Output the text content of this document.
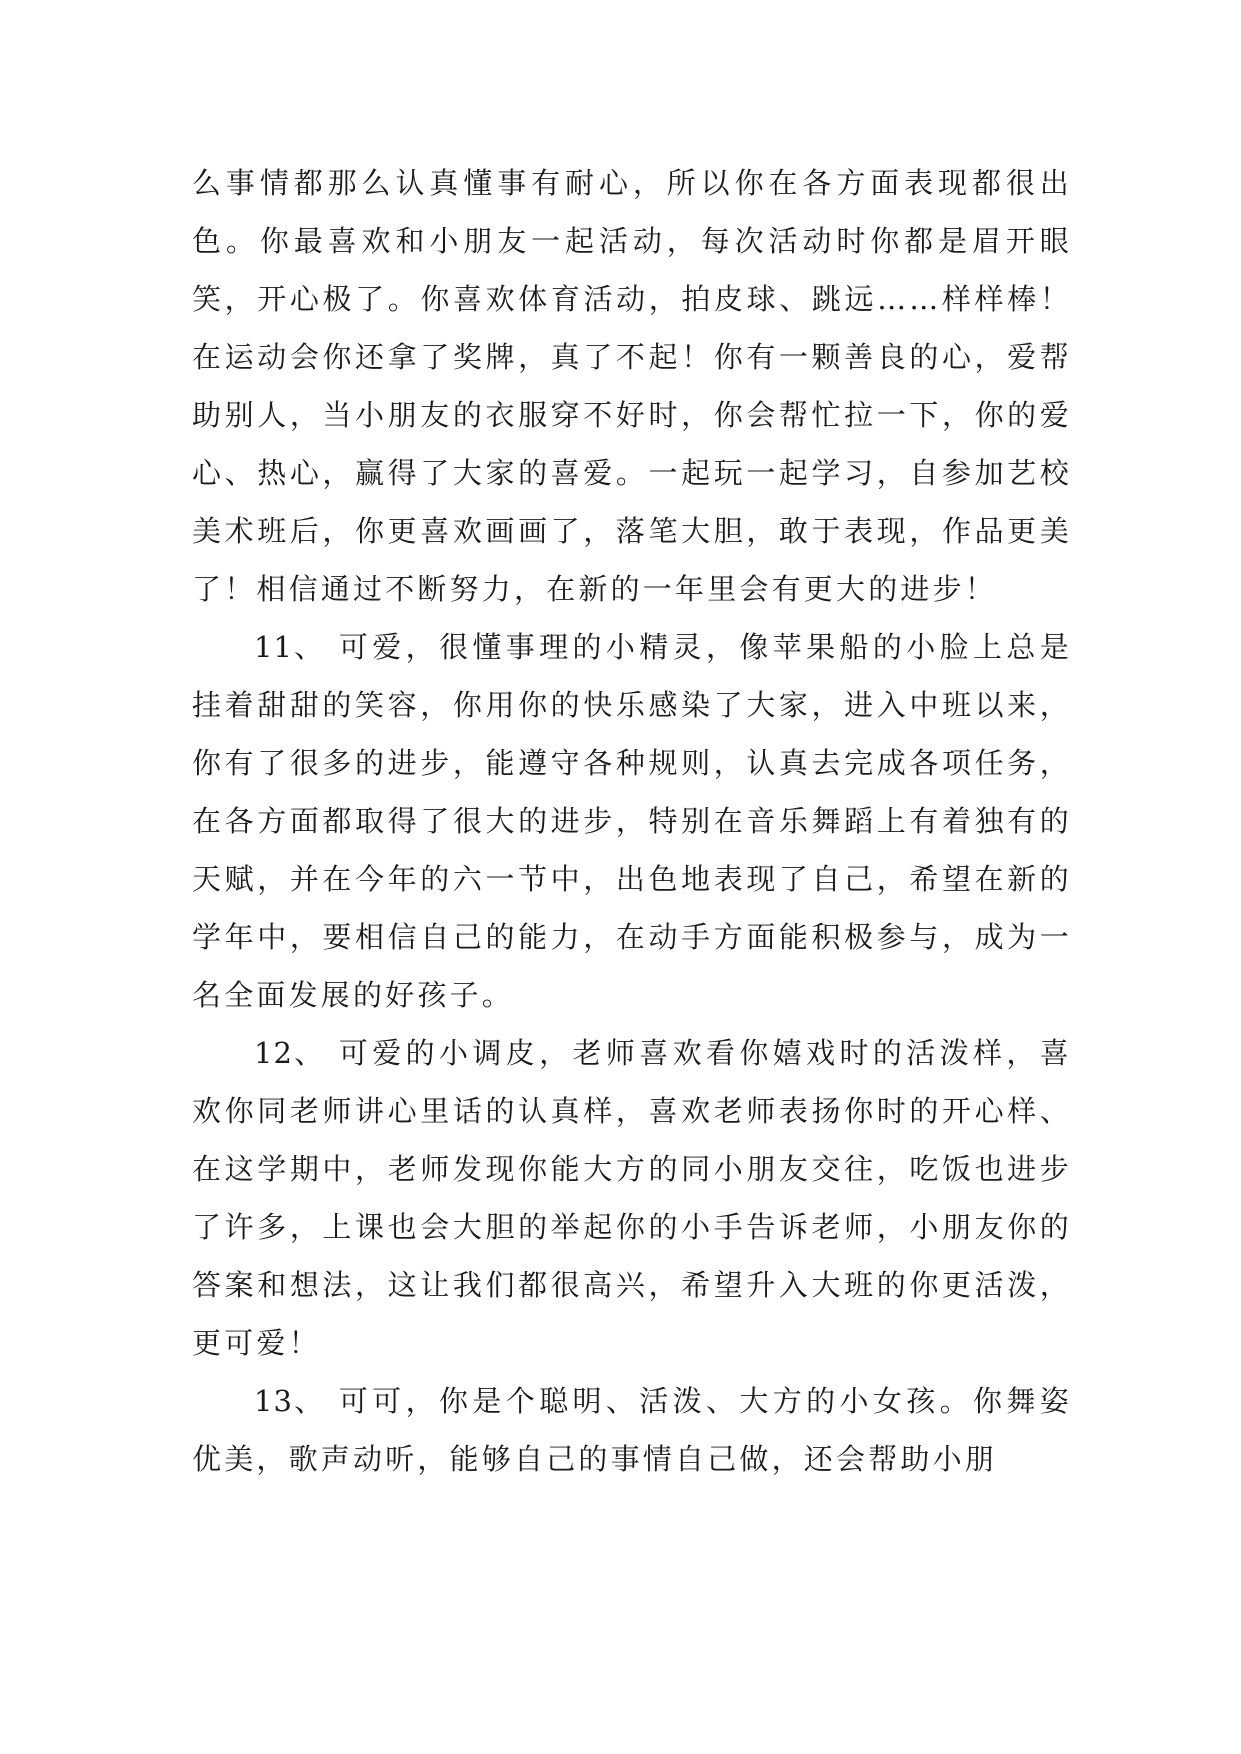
么事情都那么认真懂事有耐心，所以你在各方面表现都很出色。你最喜欢和小朋友一起活动，每次活动时你都是眉开眼笑，开心极了。你喜欢体育活动，拍皮球、跳远……样样棒！在运动会你还拿了奖牌，真了不起！你有一颗善良的心，爱帮助别人，当小朋友的衣服穿不好时，你会帮忙拉一下，你的爱心、热心，赢得了大家的喜爱。一起玩一起学习，自参加艺校美术班后，你更喜欢画画了，落笔大胆，敢于表现，作品更美了！相信通过不断努力，在新的一年里会有更大的进步！

11、 可爱，很懂事理的小精灵，像苹果船的小脸上总是挂着甜甜的笑容，你用你的快乐感染了大家，进入中班以来，你有了很多的进步，能遵守各种规则，认真去完成各项任务，在各方面都取得了很大的进步，特别在音乐舞蹈上有着独有的天赋，并在今年的六一节中，出色地表现了自己，希望在新的学年中，要相信自己的能力，在动手方面能积极参与，成为一名全面发展的好孩子。

12、 可爱的小调皮，老师喜欢看你嬉戏时的活泼样，喜欢你同老师讲心里话的认真样，喜欢老师表扬你时的开心样、在这学期中，老师发现你能大方的同小朋友交往，吃饭也进步了许多，上课也会大胆的举起你的小手告诉老师，小朋友你的答案和想法，这让我们都很高兴，希望升入大班的你更活泼，更可爱！

13、 可可，你是个聪明、活泼、大方的小女孩。你舞姿优美，歌声动听，能够自己的事情自己做，还会帮助小朋
